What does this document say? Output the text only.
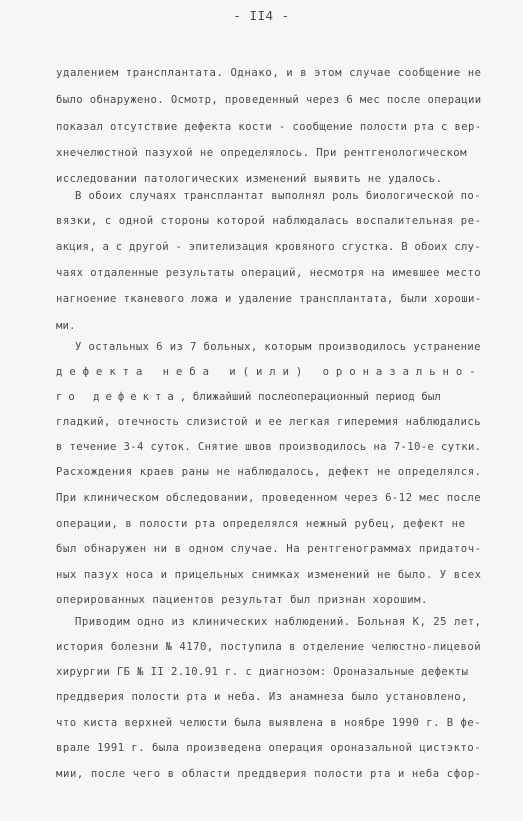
- II4 -
удалением трансплантата. Однако, и в этом случае сообщение не
было обнаружено. Осмотр, проведенный через 6 мес после операции
показал отсутствие дефекта кости - сообщение полости рта с вер-
хнечелюстной пазухой не определялось. При рентгенологическом
исследовании патологических изменений выявить не удалось.
В обоих случаях трансплантат выполнял роль биологической по-
вязки, с одной стороны которой наблюдалась воспалительная ре-
акция, а с другой - эпителизация кровяного сгустка. В обоих слу-
чаях отдаленные результаты операций, несмотря на имевшее место
нагноение тканевого ложа и удаление трансплантата, были хороши-
ми.
У остальных 6 из 7 больных, которым производилось устранение
дефекта неба и(или) ороназально-
го дефекта, ближайший послеоперационный период был
гладкий, отечность слизистой и ее легкая гиперемия наблюдались
в течение 3-4 суток. Снятие швов производилось на 7-10-е сутки.
Расхождения краев раны не наблюдалось, дефект не определялся.
При клиническом обследовании, проведенном через 6-12 мес после
операции, в полости рта определялся нежный рубец, дефект не
был обнаружен ни в одном случае. На рентгенограммах придаточ-
ных пазух носа и прицельных снимках изменений не было. У всех
оперированных пациентов результат был признан хорошим.
Приводим одно из клинических наблюдений. Больная К, 25 лет,
история болезни № 4170, поступила в отделение челюстно-лицевой
хирургии ГБ № II 2.10.91 г. с диагнозом: Ороназальные дефекты
преддверия полости рта и неба. Из анамнеза было установлено,
что киста верхней челюсти была выявлена в ноябре 1990 г. В фе-
врале 1991 г. была произведена операция ороназальной цистэкто-
мии, после чего в области преддверия полости рта и неба сфор-
